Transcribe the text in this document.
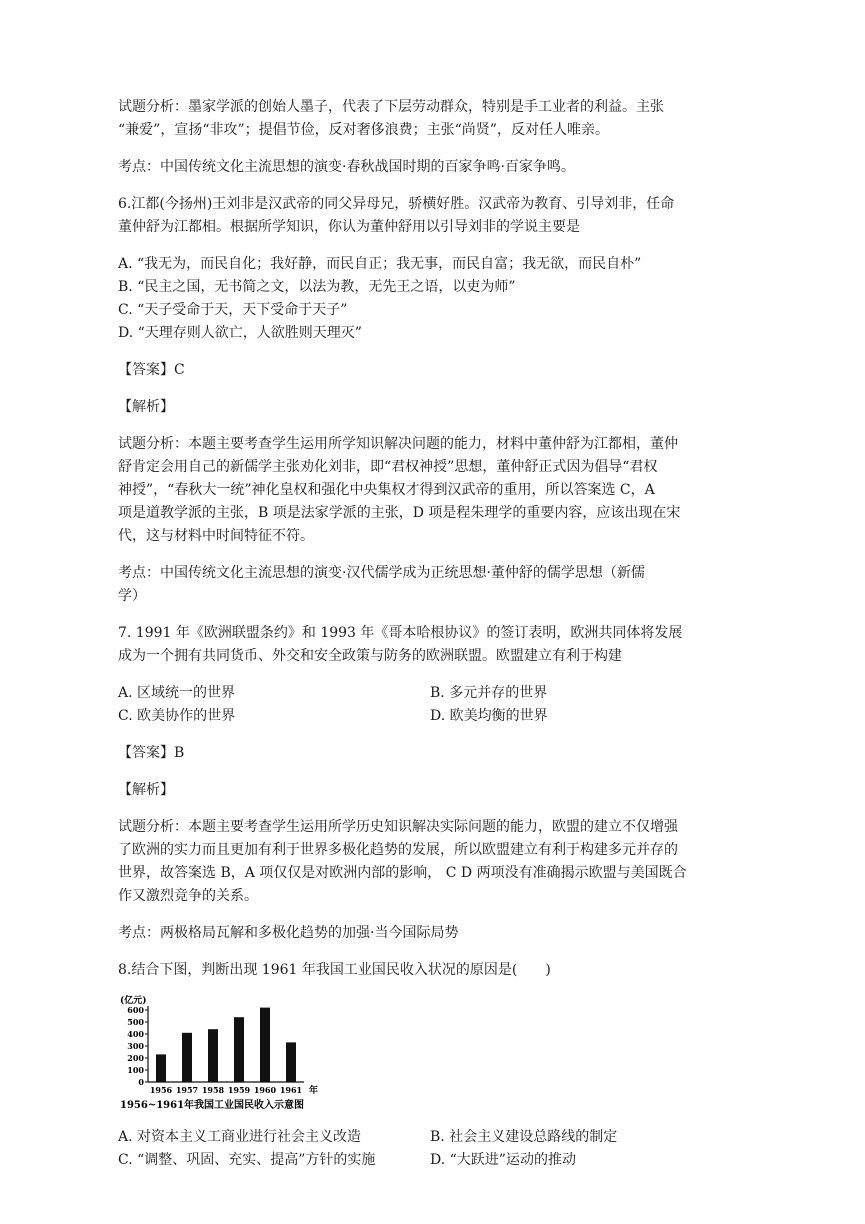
试题分析：墨家学派的创始人墨子，代表了下层劳动群众，特别是手工业者的利益。主张

“兼爱”，宣扬“非攻”；提倡节俭，反对奢侈浪费；主张“尚贤”，反对任人唯亲。

考点：中国传统文化主流思想的演变·春秋战国时期的百家争鸣·百家争鸣。

6.江都(今扬州)王刘非是汉武帝的同父异母兄，骄横好胜。汉武帝为教育、引导刘非，任命

董仲舒为江都相。根据所学知识，你认为董仲舒用以引导刘非的学说主要是

A. “我无为，而民自化；我好静，而民自正；我无事，而民自富；我无欲，而民自朴”

B. “民主之国，无书简之文，以法为教，无先王之语，以吏为师”

C. “天子受命于天，天下受命于天子”

D. “天理存则人欲亡，人欲胜则天理灭”

【答案】C

【解析】

试题分析：本题主要考查学生运用所学知识解决问题的能力，材料中董仲舒为江都相，董仲

舒肯定会用自己的新儒学主张劝化刘非，即“君权神授”思想，董仲舒正式因为倡导“君权

神授”，“春秋大一统”神化皇权和强化中央集权才得到汉武帝的重用，所以答案选 C，A

项是道教学派的主张，B 项是法家学派的主张，D 项是程朱理学的重要内容，应该出现在宋

代，这与材料中时间特征不符。

考点：中国传统文化主流思想的演变·汉代儒学成为正统思想·董仲舒的儒学思想（新儒

学）

7. 1991 年《欧洲联盟条约》和 1993 年《哥本哈根协议》的签订表明，欧洲共同体将发展

成为一个拥有共同货币、外交和安全政策与防务的欧洲联盟。欧盟建立有利于构建

A. 区域统一的世界	B. 多元并存的世界
C. 欧美协作的世界	D. 欧美均衡的世界

【答案】B

【解析】

试题分析：本题主要考查学生运用所学历史知识解决实际问题的能力，欧盟的建立不仅增强

了欧洲的实力而且更加有利于世界多极化趋势的发展，所以欧盟建立有利于构建多元并存的

世界，故答案选 B，A 项仅仅是对欧洲内部的影响， C D 两项没有准确揭示欧盟与美国既合

作又激烈竞争的关系。

考点：两极格局瓦解和多极化趋势的加强·当今国际局势

8.结合下图，判断出现 1961 年我国工业国民收入状况的原因是(　　)

(亿元)
600
500
400
300
200
100
0
1956 1957 1958 1959 1960 1961 年
1956~1961年我国工业国民收入示意图
A. 对资本主义工商业进行社会主义改造	B. 社会主义建设总路线的制定
C. “调整、巩固、充实、提高”方针的实施	D. “大跃进”运动的推动
